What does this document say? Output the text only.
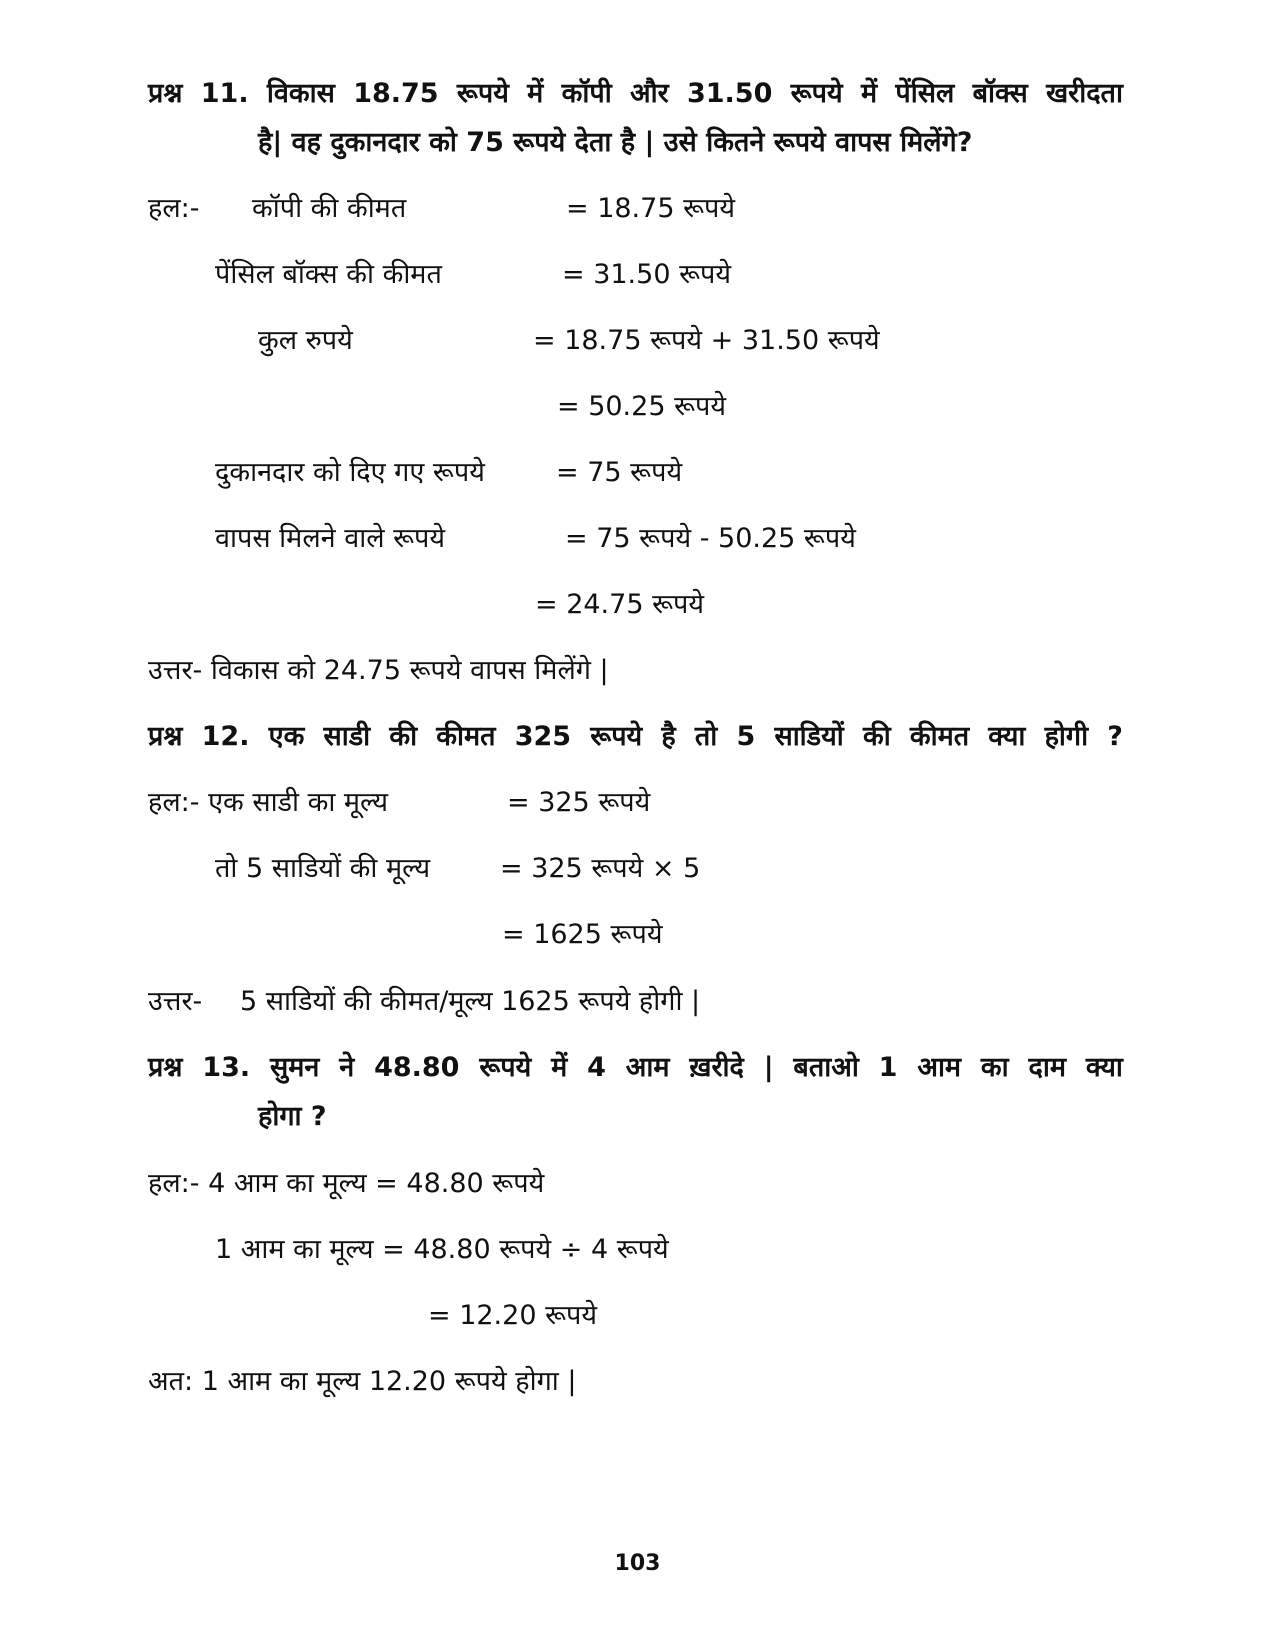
प्रश्न 11. विकास 18.75 रूपये में कॉपी और 31.50 रूपये में पेंसिल बॉक्स खरीदता
है| वह दुकानदार को 75 रूपये देता है | उसे कितने रूपये वापस मिलेंगे?
हल:- कॉपी की कीमत	= 18.75 रूपये
पेंसिल बॉक्स की कीमत	= 31.50 रूपये
कुल रुपये	= 18.75 रूपये + 31.50 रूपये
= 50.25 रूपये
दुकानदार को दिए गए रूपये	= 75 रूपये
वापस मिलने वाले रूपये	= 75 रूपये - 50.25 रूपये
= 24.75 रूपये
उत्तर- विकास को 24.75 रूपये वापस मिलेंगे |
प्रश्न 12. एक साडी की कीमत 325 रूपये है तो 5 साडियों की कीमत क्या होगी ?
हल:- एक साडी का मूल्य	= 325 रूपये
तो 5 साडियों की मूल्य	= 325 रूपये × 5
= 1625 रूपये
उत्तर- 5 साडियों की कीमत/मूल्य 1625 रूपये होगी |
प्रश्न 13. सुमन ने 48.80 रूपये में 4 आम ख़रीदे | बताओ 1 आम का दाम क्या
होगा ?
हल:- 4 आम का मूल्य = 48.80 रूपये
1 आम का मूल्य = 48.80 रूपये ÷ 4 रूपये
= 12.20 रूपये
अत: 1 आम का मूल्य 12.20 रूपये होगा |
103
